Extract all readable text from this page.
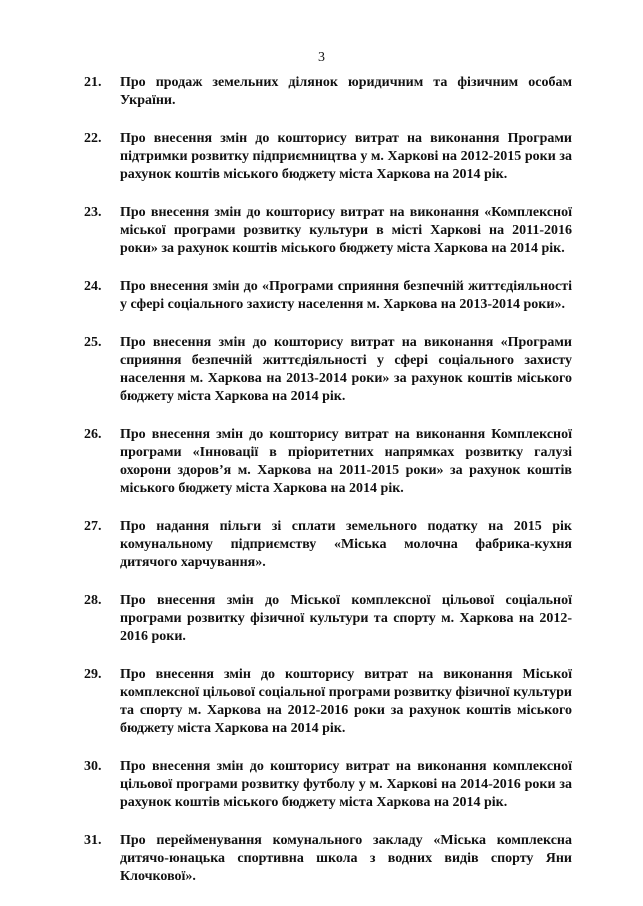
3
21.	Про продаж земельних ділянок юридичним та фізичним особам України.
22.	Про внесення змін до кошторису витрат на виконання Програми підтримки розвитку підприємництва у м. Харкові на 2012-2015 роки за рахунок коштів міського бюджету міста Харкова на 2014 рік.
23.	Про внесення змін до кошторису витрат на виконання «Комплексної міської програми розвитку культури в місті Харкові на 2011-2016 роки» за рахунок коштів міського бюджету міста Харкова на 2014 рік.
24.	Про внесення змін до «Програми сприяння безпечній життєдіяльності у сфері соціального захисту населення м. Харкова на 2013-2014 роки».
25.	Про внесення змін до кошторису витрат на виконання «Програми сприяння безпечній життєдіяльності у сфері соціального захисту населення м. Харкова на 2013-2014 роки» за рахунок коштів міського бюджету міста Харкова на 2014 рік.
26.	Про внесення змін до кошторису витрат на виконання Комплексної програми «Інновації в пріоритетних напрямках розвитку галузі охорони здоров’я м. Харкова на 2011-2015 роки» за рахунок коштів міського бюджету міста Харкова на 2014 рік.
27.	Про надання пільги зі сплати земельного податку на 2015 рік комунальному підприємству «Міська молочна фабрика-кухня дитячого харчування».
28.	Про внесення змін до Міської комплексної цільової соціальної програми розвитку фізичної культури та спорту м. Харкова на 2012-2016 роки.
29.	Про внесення змін до кошторису витрат на виконання Міської комплексної цільової соціальної програми розвитку фізичної культури та спорту м. Харкова на 2012-2016 роки за рахунок коштів міського бюджету міста Харкова на 2014 рік.
30.	Про внесення змін до кошторису витрат на виконання комплексної цільової програми розвитку футболу у м. Харкові на 2014-2016 роки за рахунок коштів міського бюджету міста Харкова на 2014 рік.
31.	Про перейменування комунального закладу «Міська комплексна дитячо-юнацька спортивна школа з водних видів спорту Яни Клочкової».
